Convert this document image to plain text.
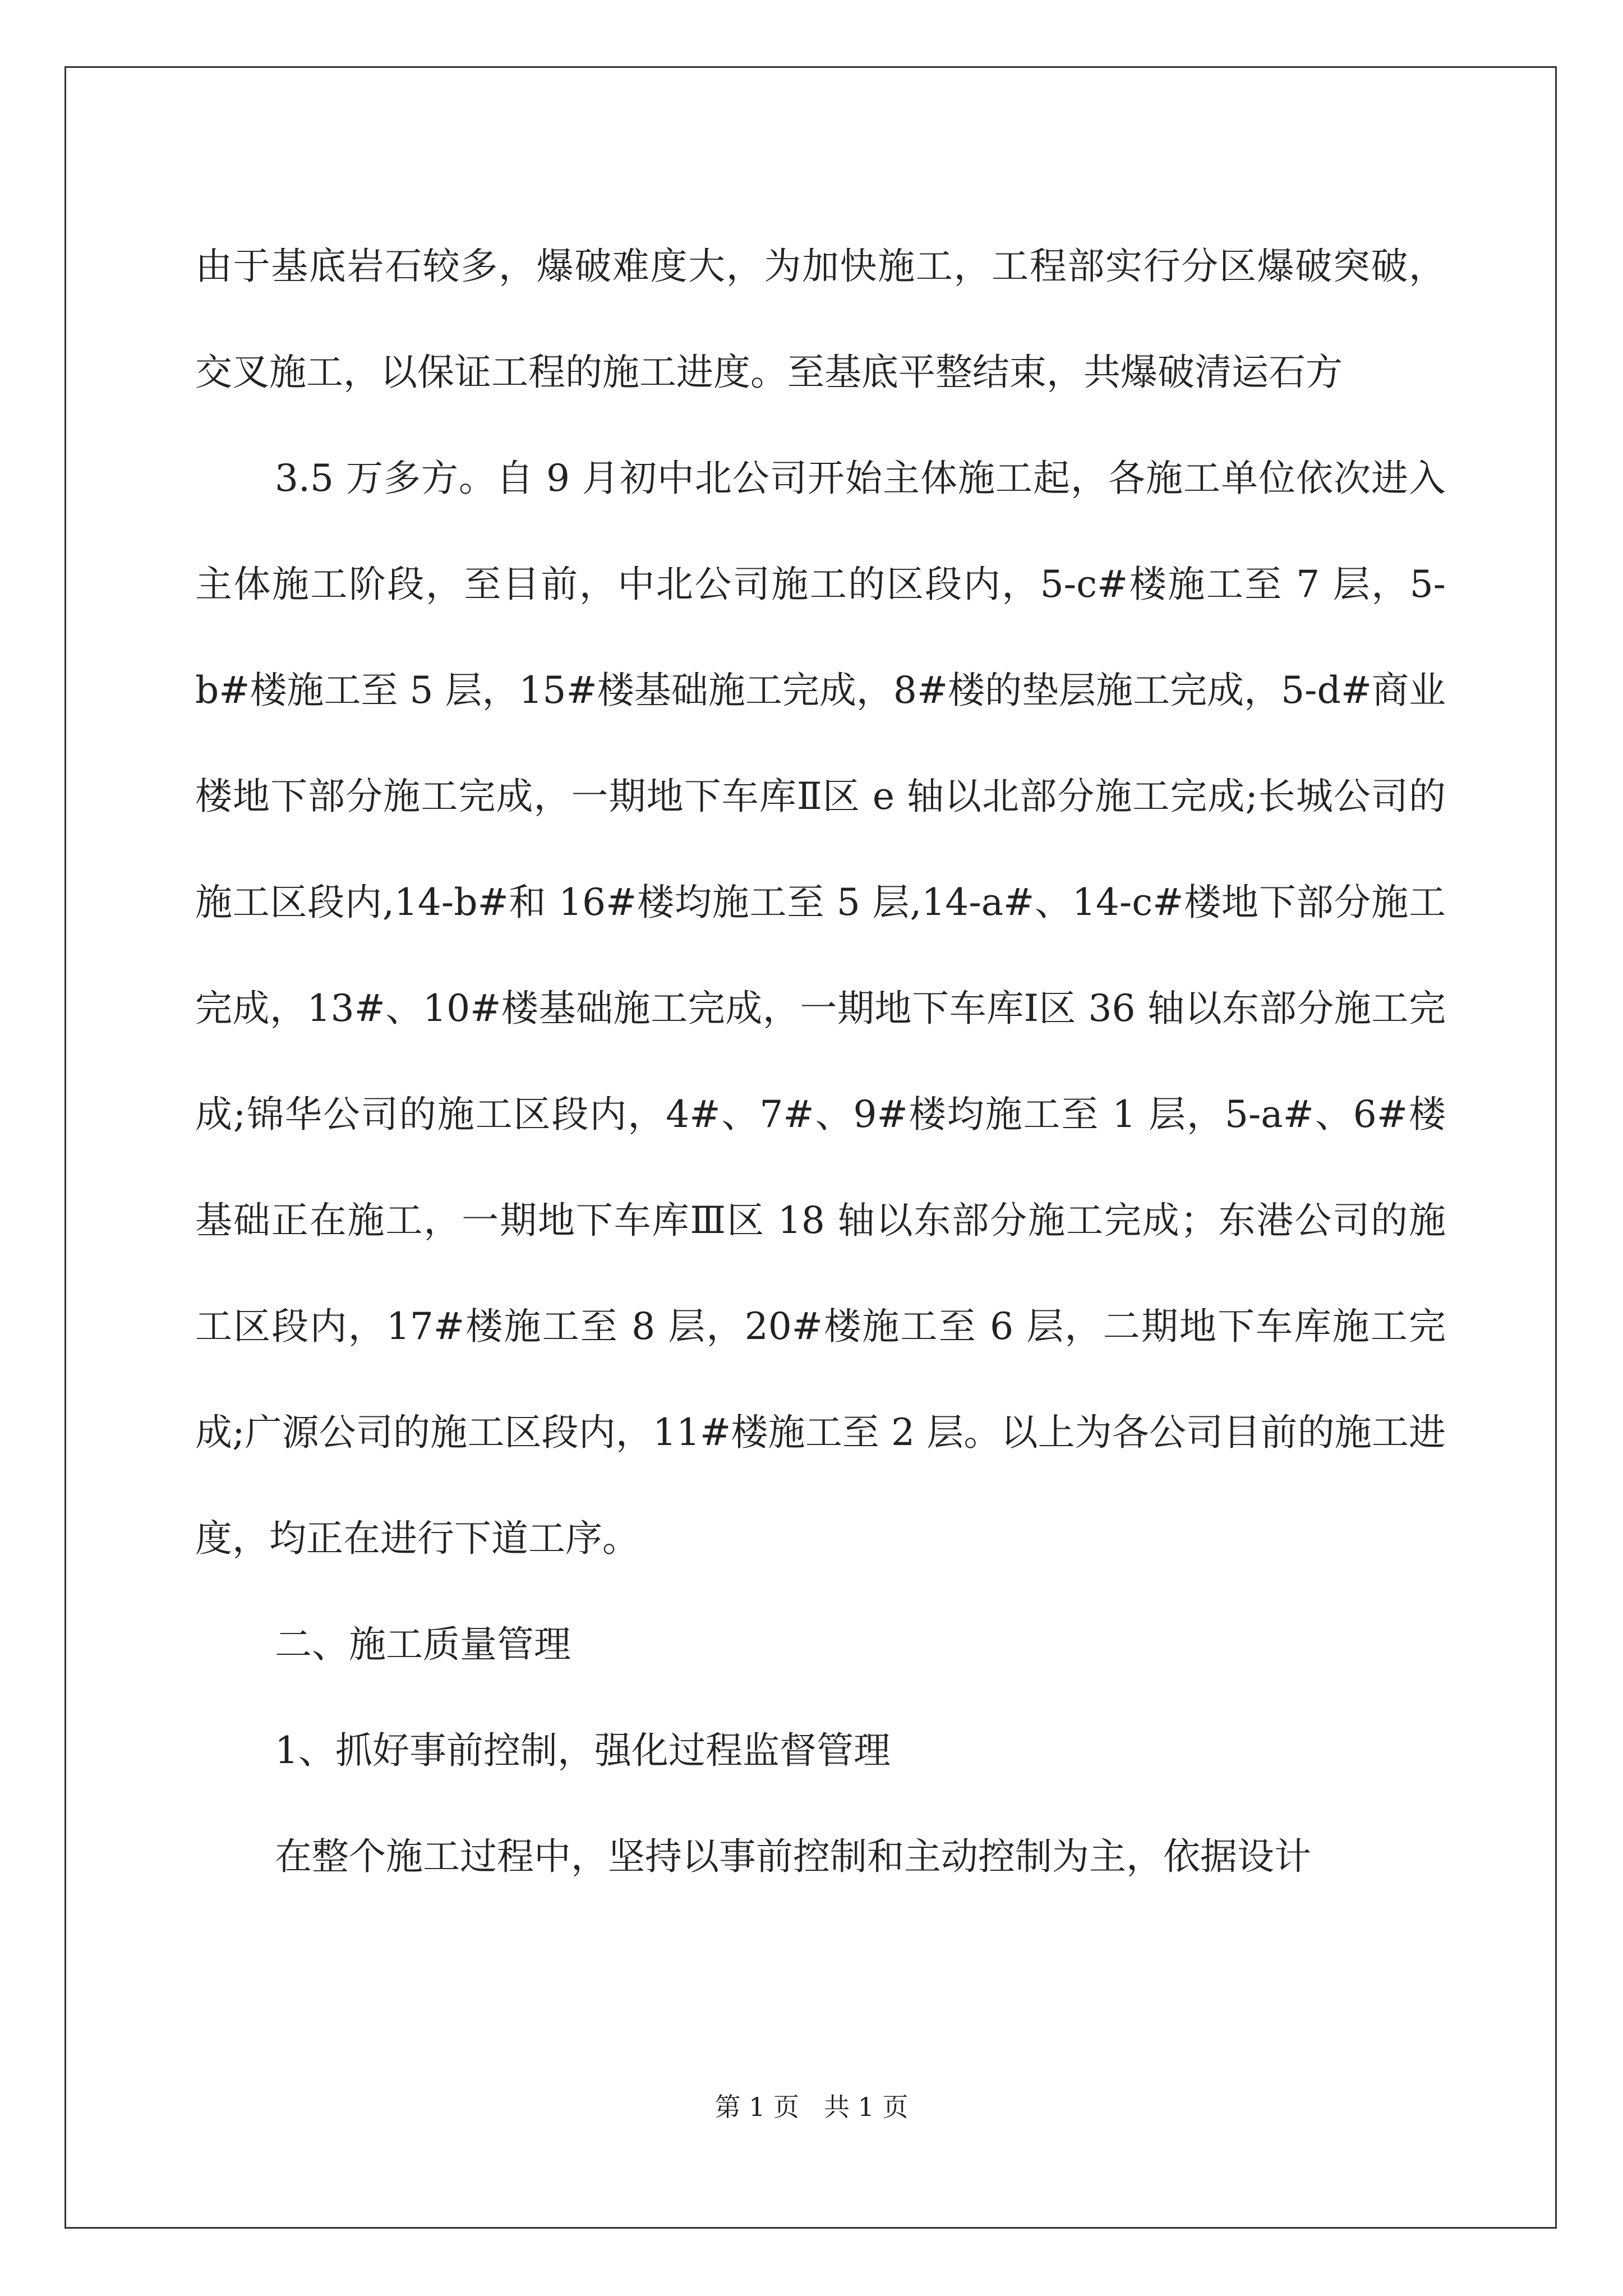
由于基底岩石较多，爆破难度大，为加快施工，工程部实行分区爆破突破，交叉施工，以保证工程的施工进度。至基底平整结束，共爆破清运石方

3.5 万多方。自 9 月初中北公司开始主体施工起，各施工单位依次进入主体施工阶段，至目前，中北公司施工的区段内，5-c#楼施工至 7 层，5-b#楼施工至 5 层，15#楼基础施工完成，8#楼的垫层施工完成，5-d#商业楼地下部分施工完成，一期地下车库Ⅱ区 e 轴以北部分施工完成;长城公司的施工区段内,14-b#和 16#楼均施工至 5 层,14-a#、14-c#楼地下部分施工完成，13#、10#楼基础施工完成，一期地下车库Ⅰ区 36 轴以东部分施工完成;锦华公司的施工区段内，4#、7#、9#楼均施工至 1 层，5-a#、6#楼基础正在施工，一期地下车库Ⅲ区 18 轴以东部分施工完成；东港公司的施工区段内，17#楼施工至 8 层，20#楼施工至 6 层，二期地下车库施工完成;广源公司的施工区段内，11#楼施工至 2 层。以上为各公司目前的施工进度，均正在进行下道工序。

二、施工质量管理

1、抓好事前控制，强化过程监督管理

在整个施工过程中，坚持以事前控制和主动控制为主，依据设计

第 1 页 共 1 页
